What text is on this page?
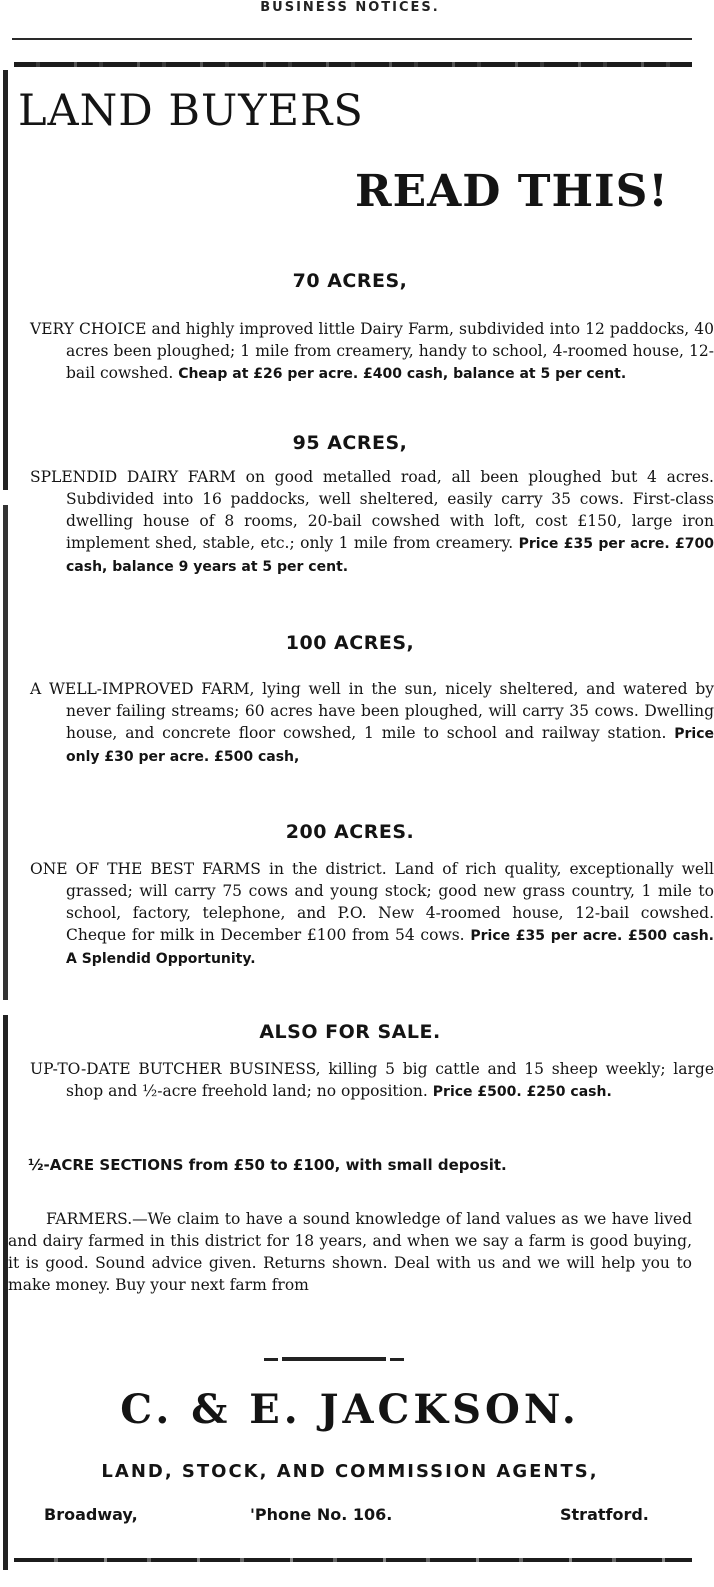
BUSINESS NOTICES.
LAND BUYERS
READ THIS!
70 ACRES,
VERY CHOICE and highly improved little Dairy Farm, subdivided into 12 paddocks, 40 acres been ploughed; 1 mile from creamery, handy to school, 4-roomed house, 12-bail cowshed. Cheap at £26 per acre. £400 cash, balance at 5 per cent.
95 ACRES,
SPLENDID DAIRY FARM on good metalled road, all been ploughed but 4 acres. Subdivided into 16 paddocks, well sheltered, easily carry 35 cows. First-class dwelling house of 8 rooms, 20-bail cowshed with loft, cost £150, large iron implement shed, stable, etc.; only 1 mile from creamery. Price £35 per acre. £700 cash, balance 9 years at 5 per cent.
100 ACRES,
A WELL-IMPROVED FARM, lying well in the sun, nicely sheltered, and watered by never failing streams; 60 acres have been ploughed, will carry 35 cows. Dwelling house, and concrete floor cowshed, 1 mile to school and railway station. Price only £30 per acre. £500 cash,
200 ACRES.
ONE OF THE BEST FARMS in the district. Land of rich quality, exceptionally well grassed; will carry 75 cows and young stock; good new grass country, 1 mile to school, factory, telephone, and P.O. New 4-roomed house, 12-bail cowshed. Cheque for milk in December £100 from 54 cows. Price £35 per acre. £500 cash. A Splendid Opportunity.
ALSO FOR SALE.
UP-TO-DATE BUTCHER BUSINESS, killing 5 big cattle and 15 sheep weekly; large shop and ½-acre freehold land; no opposition. Price £500. £250 cash.
½-ACRE SECTIONS from £50 to £100, with small deposit.
FARMERS.—We claim to have a sound knowledge of land values as we have lived and dairy farmed in this district for 18 years, and when we say a farm is good buying, it is good. Sound advice given. Returns shown. Deal with us and we will help you to make money. Buy your next farm from
C. & E. JACKSON.
LAND, STOCK, AND COMMISSION AGENTS,
Broadway,	'Phone No. 106.	Stratford.
